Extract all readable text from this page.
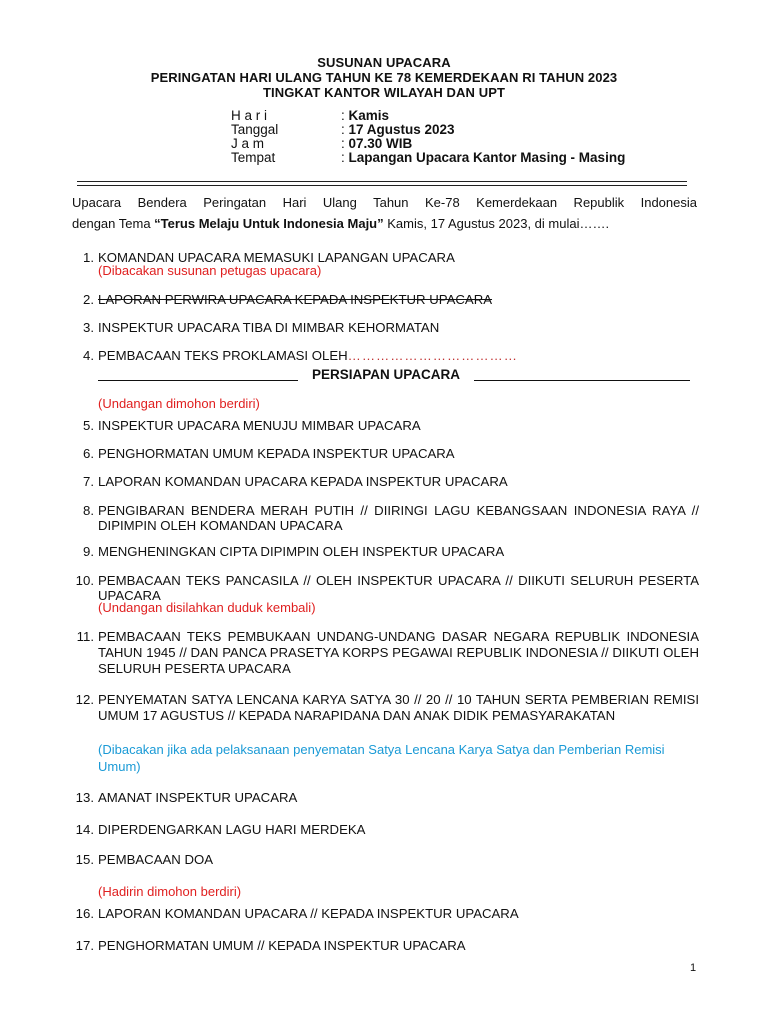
SUSUNAN UPACARA
PERINGATAN HARI ULANG TAHUN KE 78 KEMERDEKAAN RI TAHUN 2023
TINGKAT KANTOR WILAYAH DAN UPT
H a r i	: Kamis
Tanggal	: 17 Agustus 2023
J a m	: 07.30 WIB
Tempat	: Lapangan Upacara Kantor Masing - Masing
Upacara Bendera Peringatan Hari Ulang Tahun Ke-78 Kemerdekaan Republik Indonesia
dengan Tema “Terus Melaju Untuk Indonesia Maju” Kamis, 17 Agustus 2023, di mulai…….
1. KOMANDAN UPACARA MEMASUKI LAPANGAN UPACARA
(Dibacakan susunan petugas upacara)
2. LAPORAN PERWIRA UPACARA KEPADA INSPEKTUR UPACARA
3. INSPEKTUR UPACARA TIBA DI MIMBAR KEHORMATAN
4. PEMBACAAN TEKS PROKLAMASI OLEH………………………………
PERSIAPAN UPACARA
(Undangan dimohon berdiri)
5. INSPEKTUR UPACARA MENUJU MIMBAR UPACARA
6. PENGHORMATAN UMUM KEPADA INSPEKTUR UPACARA
7. LAPORAN KOMANDAN UPACARA KEPADA INSPEKTUR UPACARA
8. PENGIBARAN BENDERA MERAH PUTIH // DIIRINGI LAGU KEBANGSAAN INDONESIA RAYA // DIPIMPIN OLEH KOMANDAN UPACARA
9. MENGHENINGKAN CIPTA DIPIMPIN OLEH INSPEKTUR UPACARA
10. PEMBACAAN TEKS PANCASILA // OLEH INSPEKTUR UPACARA // DIIKUTI SELURUH PESERTA UPACARA
(Undangan disilahkan duduk kembali)
11. PEMBACAAN TEKS PEMBUKAAN UNDANG-UNDANG DASAR NEGARA REPUBLIK INDONESIA TAHUN 1945 // DAN PANCA PRASETYA KORPS PEGAWAI REPUBLIK INDONESIA // DIIKUTI OLEH SELURUH PESERTA UPACARA
12. PENYEMATAN SATYA LENCANA KARYA SATYA 30 // 20 // 10 TAHUN SERTA PEMBERIAN REMISI UMUM 17 AGUSTUS // KEPADA NARAPIDANA DAN ANAK DIDIK PEMASYARAKATAN
(Dibacakan jika ada pelaksanaan penyematan Satya Lencana Karya Satya dan Pemberian Remisi Umum)
13. AMANAT INSPEKTUR UPACARA
14. DIPERDENGARKAN LAGU HARI MERDEKA
15. PEMBACAAN DOA
(Hadirin dimohon berdiri)
16. LAPORAN KOMANDAN UPACARA // KEPADA INSPEKTUR UPACARA
17. PENGHORMATAN UMUM // KEPADA INSPEKTUR UPACARA
1
